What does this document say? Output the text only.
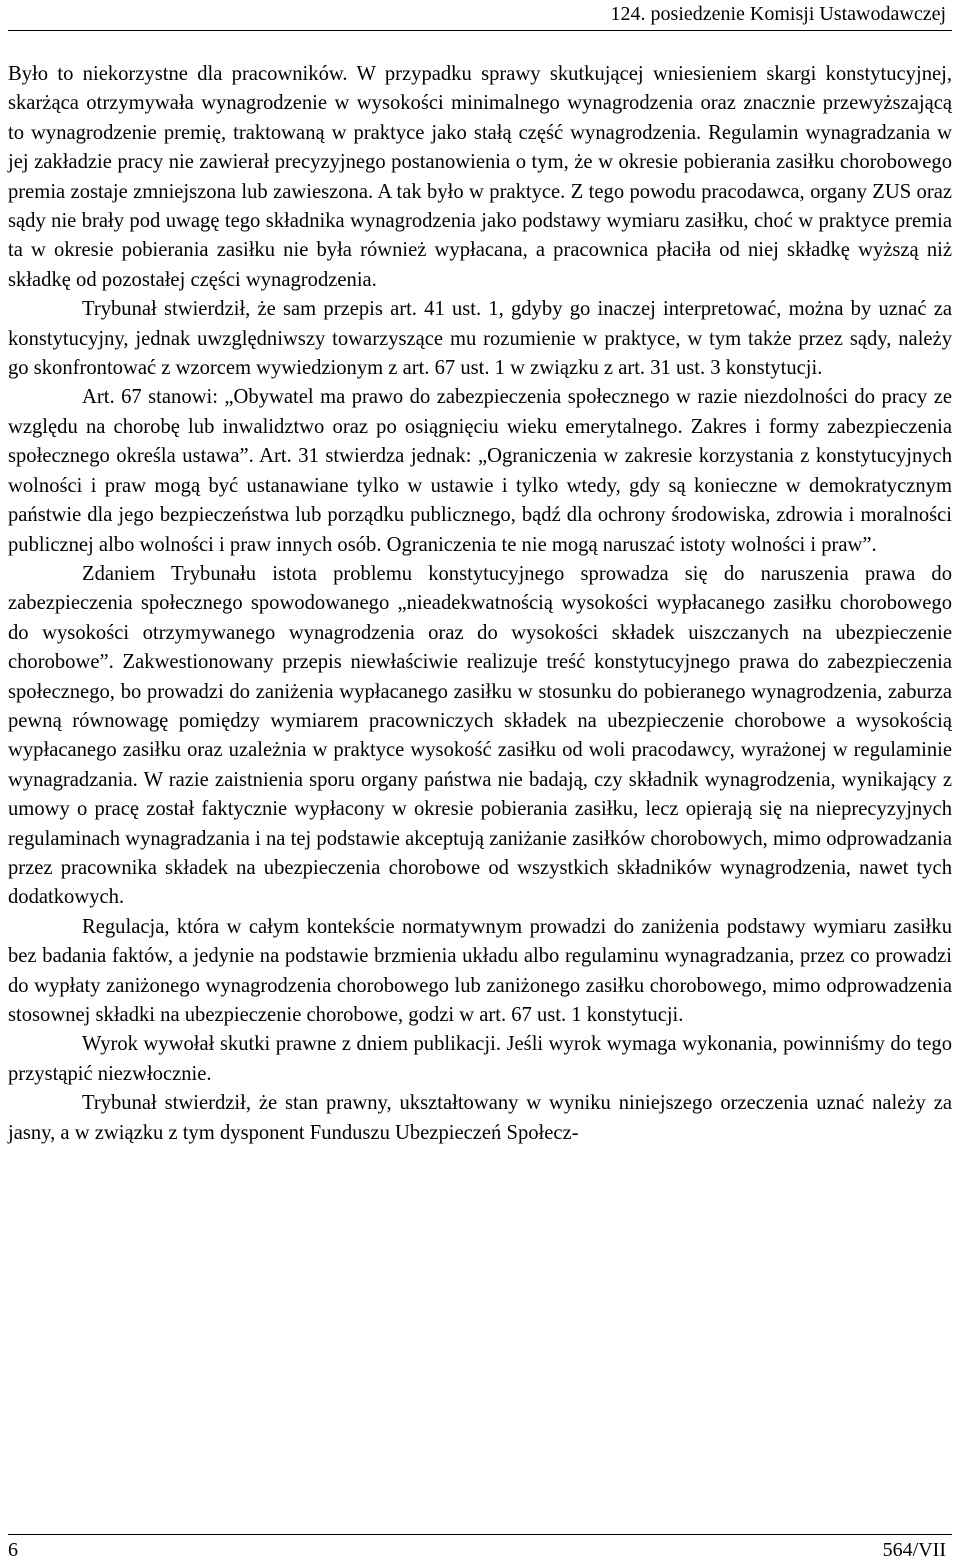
124. posiedzenie Komisji Ustawodawczej

Było to niekorzystne dla pracowników. W przypadku sprawy skutkującej wniesieniem skargi konstytucyjnej, skarżąca otrzymywała wynagrodzenie w wysokości minimalnego wynagrodzenia oraz znacznie przewyższającą to wynagrodzenie premię, traktowaną w praktyce jako stałą część wynagrodzenia. Regulamin wynagradzania w jej zakładzie pracy nie zawierał precyzyjnego postanowienia o tym, że w okresie pobierania zasiłku chorobowego premia zostaje zmniejszona lub zawieszona. A tak było w praktyce. Z tego powodu pracodawca, organy ZUS oraz sądy nie brały pod uwagę tego składnika wynagrodzenia jako podstawy wymiaru zasiłku, choć w praktyce premia ta w okresie pobierania zasiłku nie była również wypłacana, a pracownica płaciła od niej składkę wyższą niż składkę od pozostałej części wynagrodzenia.

Trybunał stwierdził, że sam przepis art. 41 ust. 1, gdyby go inaczej interpretować, można by uznać za konstytucyjny, jednak uwzględniwszy towarzyszące mu rozumienie w praktyce, w tym także przez sądy, należy go skonfrontować z wzorcem wywiedzionym z art. 67 ust. 1 w związku z art. 31 ust. 3 konstytucji.

Art. 67 stanowi: „Obywatel ma prawo do zabezpieczenia społecznego w razie niezdolności do pracy ze względu na chorobę lub inwalidztwo oraz po osiągnięciu wieku emerytalnego. Zakres i formy zabezpieczenia społecznego określa ustawa”. Art. 31 stwierdza jednak: „Ograniczenia w zakresie korzystania z konstytucyjnych wolności i praw mogą być ustanawiane tylko w ustawie i tylko wtedy, gdy są konieczne w demokratycznym państwie dla jego bezpieczeństwa lub porządku publicznego, bądź dla ochrony środowiska, zdrowia i moralności publicznej albo wolności i praw innych osób. Ograniczenia te nie mogą naruszać istoty wolności i praw”.

Zdaniem Trybunału istota problemu konstytucyjnego sprowadza się do naruszenia prawa do zabezpieczenia społecznego spowodowanego „nieadekwatnością wysokości wypłacanego zasiłku chorobowego do wysokości otrzymywanego wynagrodzenia oraz do wysokości składek uiszczanych na ubezpieczenie chorobowe”. Zakwestionowany przepis niewłaściwie realizuje treść konstytucyjnego prawa do zabezpieczenia społecznego, bo prowadzi do zaniżenia wypłacanego zasiłku w stosunku do pobieranego wynagrodzenia, zaburza pewną równowagę pomiędzy wymiarem pracowniczych składek na ubezpieczenie chorobowe a wysokością wypłacanego zasiłku oraz uzależnia w praktyce wysokość zasiłku od woli pracodawcy, wyrażonej w regulaminie wynagradzania. W razie zaistnienia sporu organy państwa nie badają, czy składnik wynagrodzenia, wynikający z umowy o pracę został faktycznie wypłacony w okresie pobierania zasiłku, lecz opierają się na nieprecyzyjnych regulaminach wynagradzania i na tej podstawie akceptują zaniżanie zasiłków chorobowych, mimo odprowadzania przez pracownika składek na ubezpieczenia chorobowe od wszystkich składników wynagrodzenia, nawet tych dodatkowych.

Regulacja, która w całym kontekście normatywnym prowadzi do zaniżenia podstawy wymiaru zasiłku bez badania faktów, a jedynie na podstawie brzmienia układu albo regulaminu wynagradzania, przez co prowadzi do wypłaty zaniżonego wynagrodzenia chorobowego lub zaniżonego zasiłku chorobowego, mimo odprowadzenia stosownej składki na ubezpieczenie chorobowe, godzi w art. 67 ust. 1 konstytucji.

Wyrok wywołał skutki prawne z dniem publikacji. Jeśli wyrok wymaga wykonania, powinniśmy do tego przystąpić niezwłocznie.

Trybunał stwierdził, że stan prawny, ukształtowany w wyniku niniejszego orzeczenia uznać należy za jasny, a w związku z tym dysponent Funduszu Ubezpieczeń Społecz-

6	564/VII
